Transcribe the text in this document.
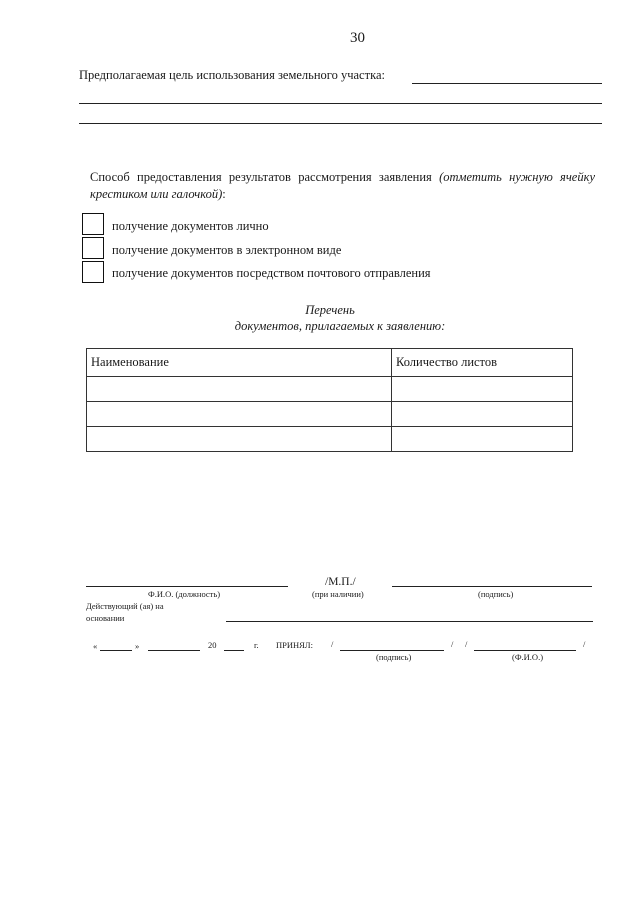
30
Предполагаемая цель использования земельного участка:
Способ предоставления результатов рассмотрения заявления (отметить нужную ячейку крестиком или галочкой):
получение документов лично
получение документов в электронном виде
получение документов посредством почтового отправления
Перечень
документов, прилагаемых к заявлению:
Наименование	Количество листов

Ф.И.О. (должность)
/М.П./
(при наличии)	(подпись)
Действующий (ая) на основании
«	»	20	г. ПРИНЯЛ: /	/ /	/
(подпись)	(Ф.И.О.)
